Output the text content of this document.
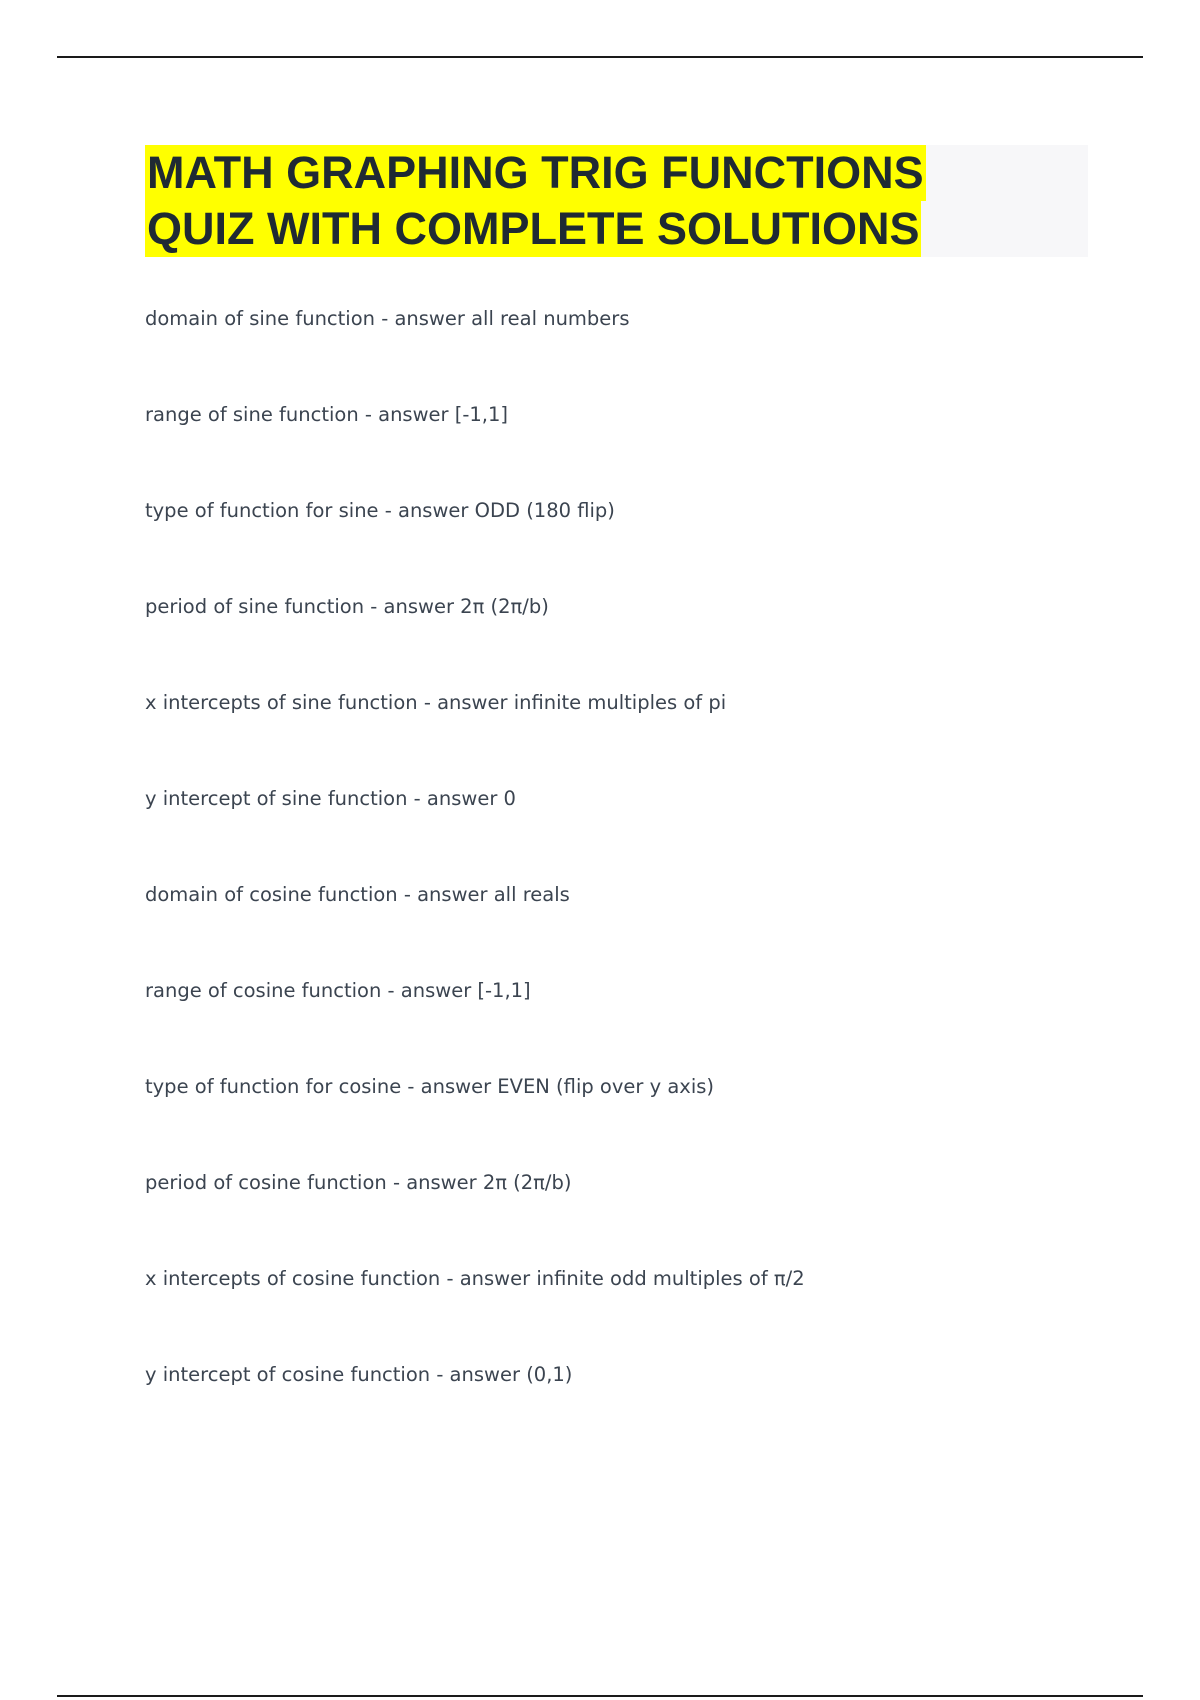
MATH GRAPHING TRIG FUNCTIONS
QUIZ WITH COMPLETE SOLUTIONS
domain of sine function - answer all real numbers
range of sine function - answer [-1,1]
type of function for sine - answer ODD (180 flip)
period of sine function - answer 2π (2π/b)
x intercepts of sine function - answer infinite multiples of pi
y intercept of sine function - answer 0
domain of cosine function - answer all reals
range of cosine function - answer [-1,1]
type of function for cosine - answer EVEN (flip over y axis)
period of cosine function - answer 2π (2π/b)
x intercepts of cosine function - answer infinite odd multiples of π/2
y intercept of cosine function - answer (0,1)
